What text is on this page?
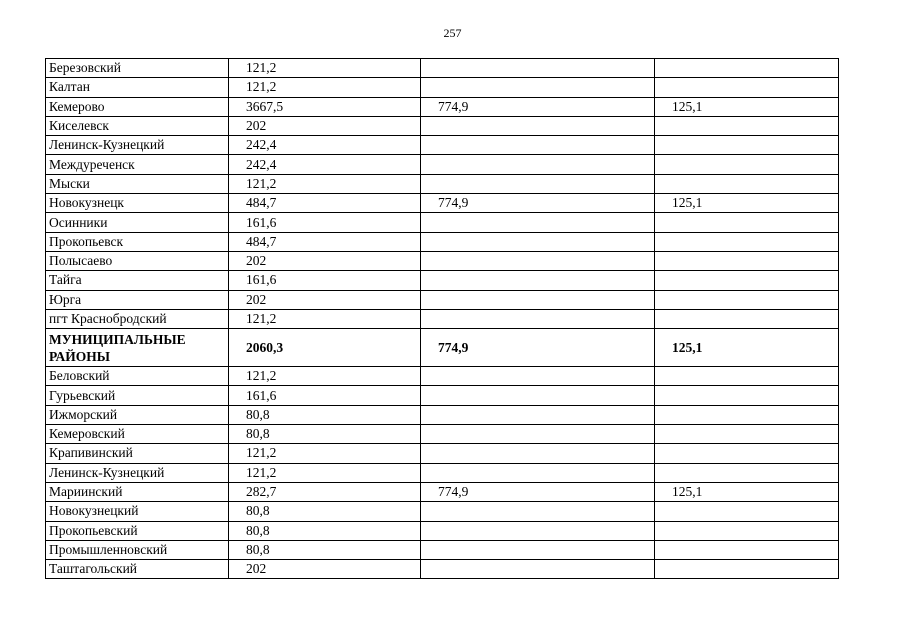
257
Березовский	121,2		
Калтан	121,2		
Кемерово	3667,5	774,9	125,1
Киселевск	202		
Ленинск-Кузнецкий	242,4		
Междуреченск	242,4		
Мыски	121,2		
Новокузнецк	484,7	774,9	125,1
Осинники	161,6		
Прокопьевск	484,7		
Полысаево	202		
Тайга	161,6		
Юрга	202		
пгт Краснобродский	121,2		
МУНИЦИПАЛЬНЫЕ РАЙОНЫ	2060,3	774,9	125,1
Беловский	121,2		
Гурьевский	161,6		
Ижморский	80,8		
Кемеровский	80,8		
Крапивинский	121,2		
Ленинск-Кузнецкий	121,2		
Мариинский	282,7	774,9	125,1
Новокузнецкий	80,8		
Прокопьевский	80,8		
Промышленновский	80,8		
Таштагольский	202		
